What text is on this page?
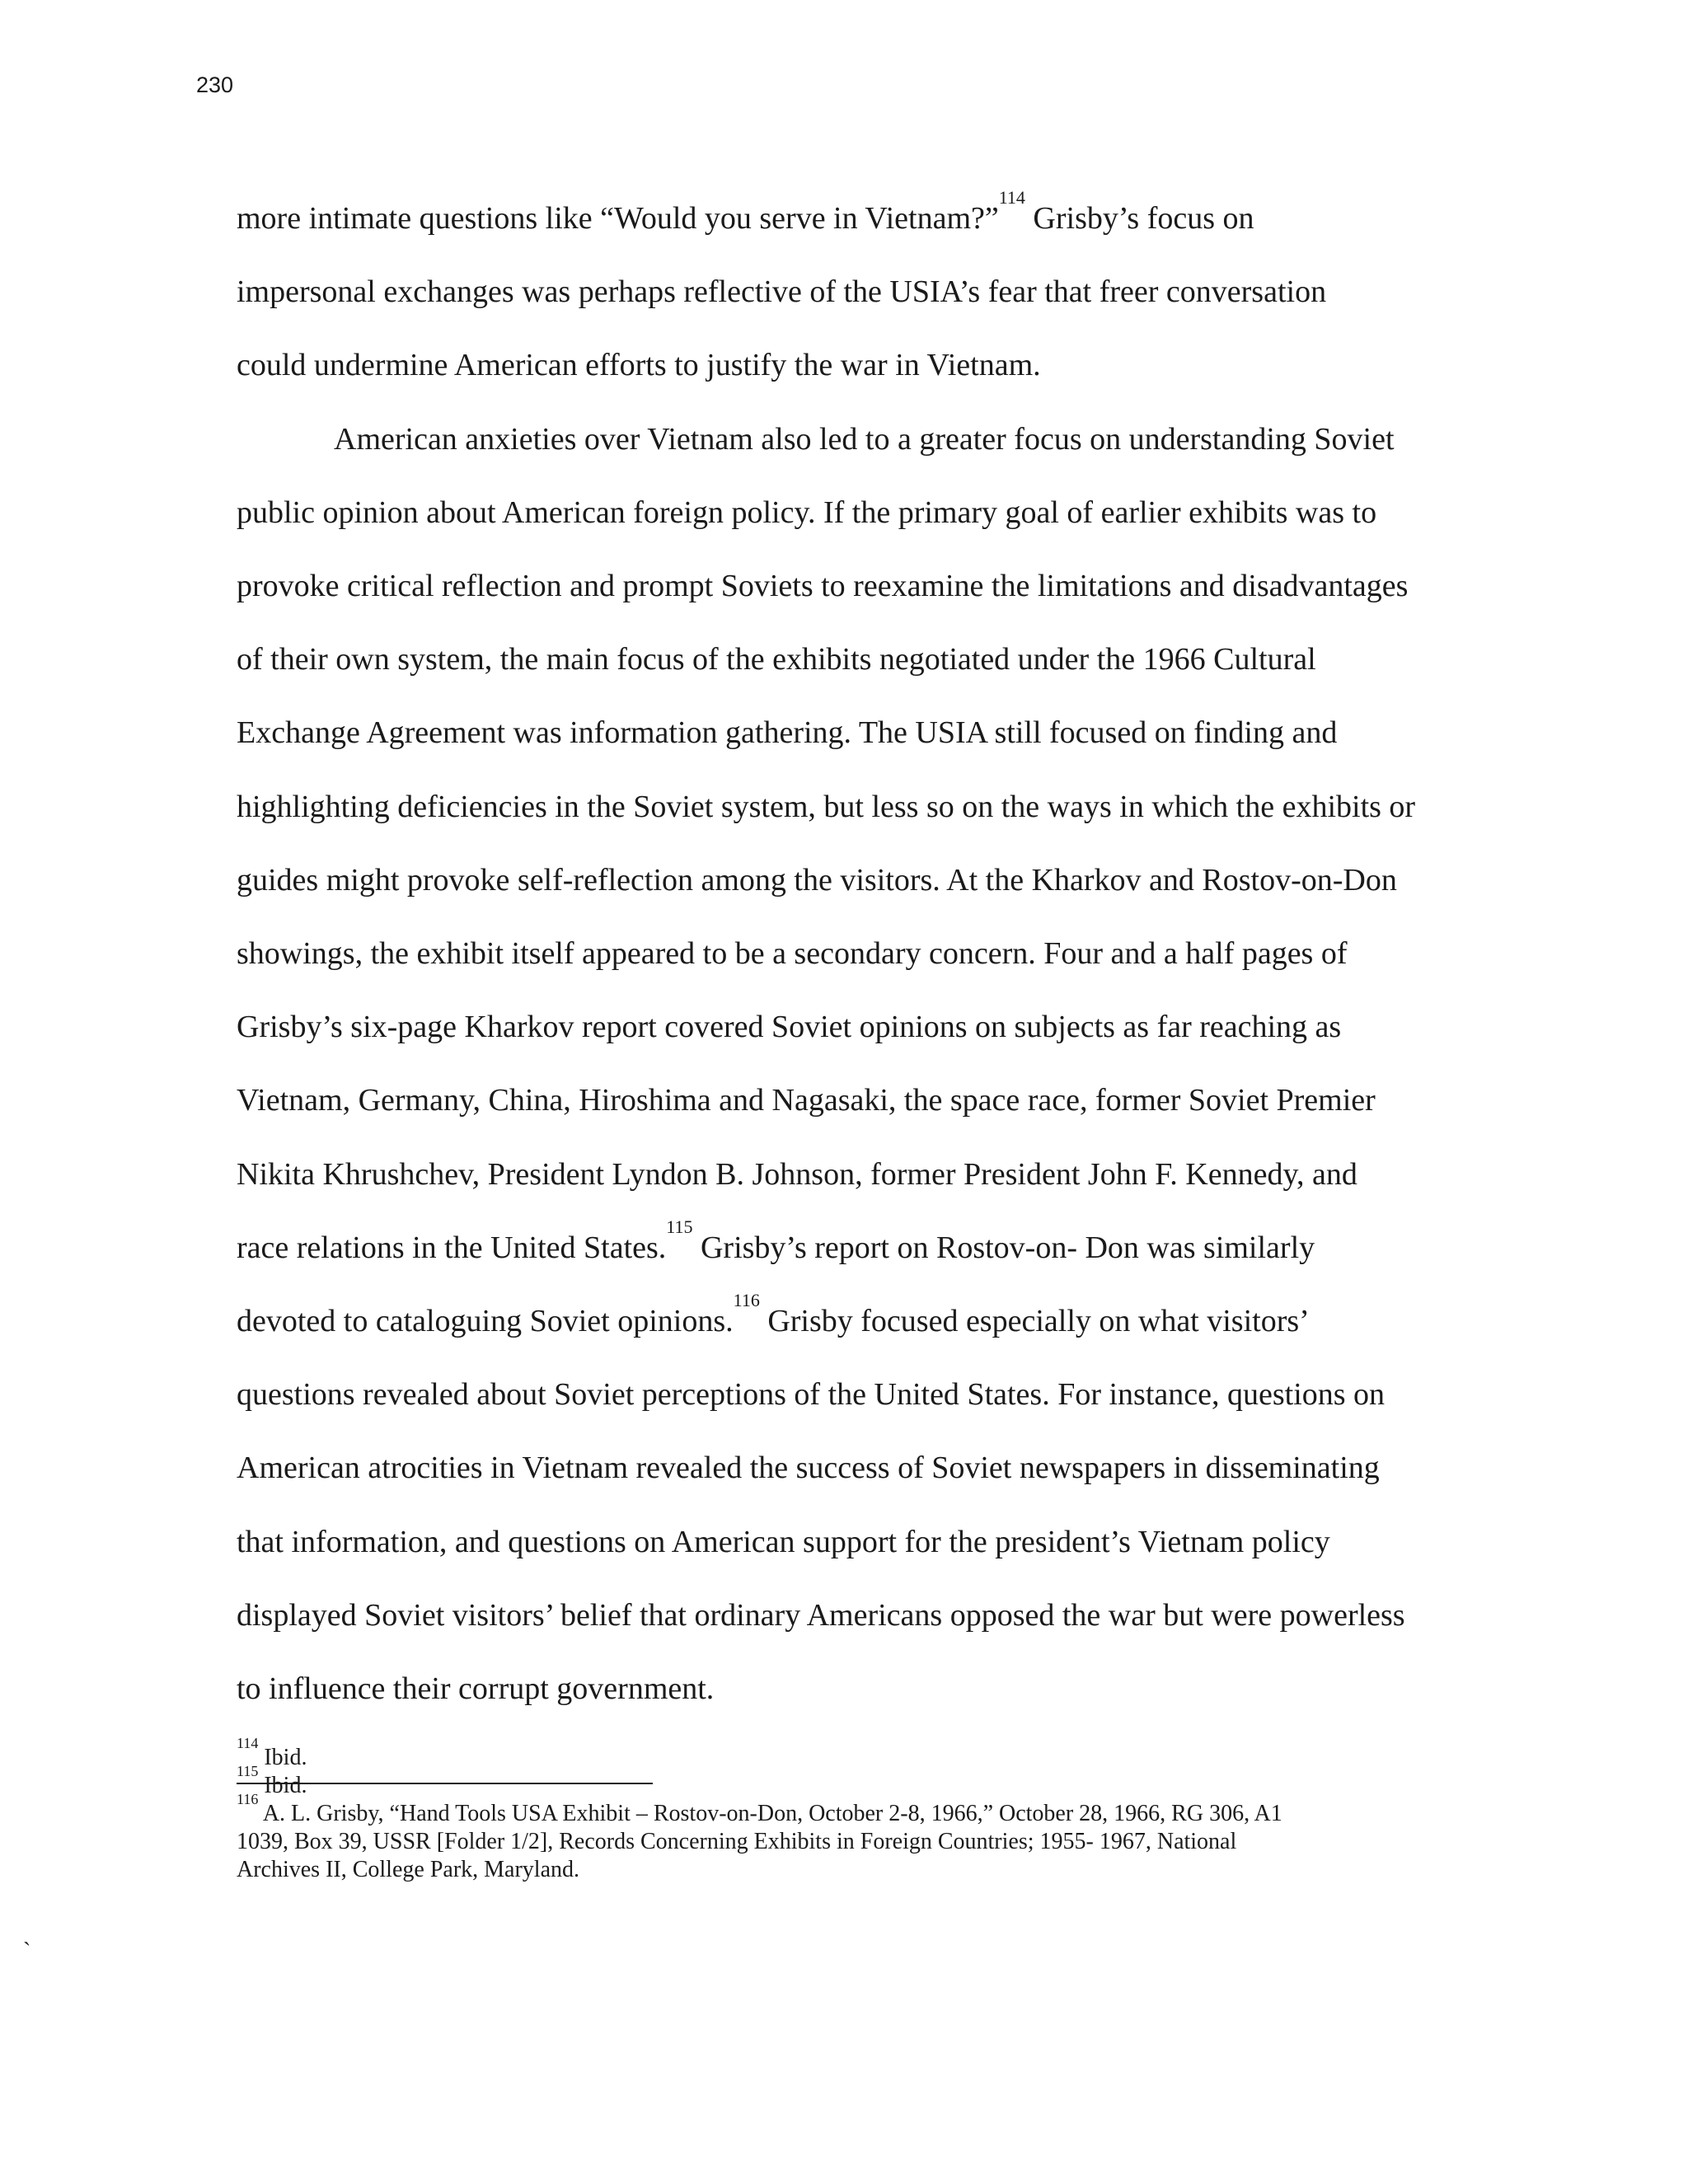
230
more intimate questions like “Would you serve in Vietnam?”$^{114}$ Grisby’s focus on
impersonal exchanges was perhaps reflective of the USIA’s fear that freer conversation
could undermine American efforts to justify the war in Vietnam.
American anxieties over Vietnam also led to a greater focus on understanding Soviet
public opinion about American foreign policy. If the primary goal of earlier exhibits was to
provoke critical reflection and prompt Soviets to reexamine the limitations and disadvantages
of their own system, the main focus of the exhibits negotiated under the 1966 Cultural
Exchange Agreement was information gathering. The USIA still focused on finding and
highlighting deficiencies in the Soviet system, but less so on the ways in which the exhibits or
guides might provoke self-reflection among the visitors. At the Kharkov and Rostov-on-Don
showings, the exhibit itself appeared to be a secondary concern. Four and a half pages of
Grisby’s six-page Kharkov report covered Soviet opinions on subjects as far reaching as
Vietnam, Germany, China, Hiroshima and Nagasaki, the space race, former Soviet Premier
Nikita Khrushchev, President Lyndon B. Johnson, former President John F. Kennedy, and
race relations in the United States.$^{115}$ Grisby’s report on Rostov-on- Don was similarly
devoted to cataloguing Soviet opinions.$^{116}$ Grisby focused especially on what visitors’
questions revealed about Soviet perceptions of the United States. For instance, questions on
American atrocities in Vietnam revealed the success of Soviet newspapers in disseminating
that information, and questions on American support for the president’s Vietnam policy
displayed Soviet visitors’ belief that ordinary Americans opposed the war but were powerless
to influence their corrupt government.
$^{114}$ Ibid.
$^{115}$ Ibid.
$^{116}$ A. L. Grisby, “Hand Tools USA Exhibit – Rostov-on-Don, October 2-8, 1966,” October 28, 1966, RG 306, A1
1039, Box 39, USSR [Folder 1/2], Records Concerning Exhibits in Foreign Countries; 1955- 1967, National
Archives II, College Park, Maryland.
`
